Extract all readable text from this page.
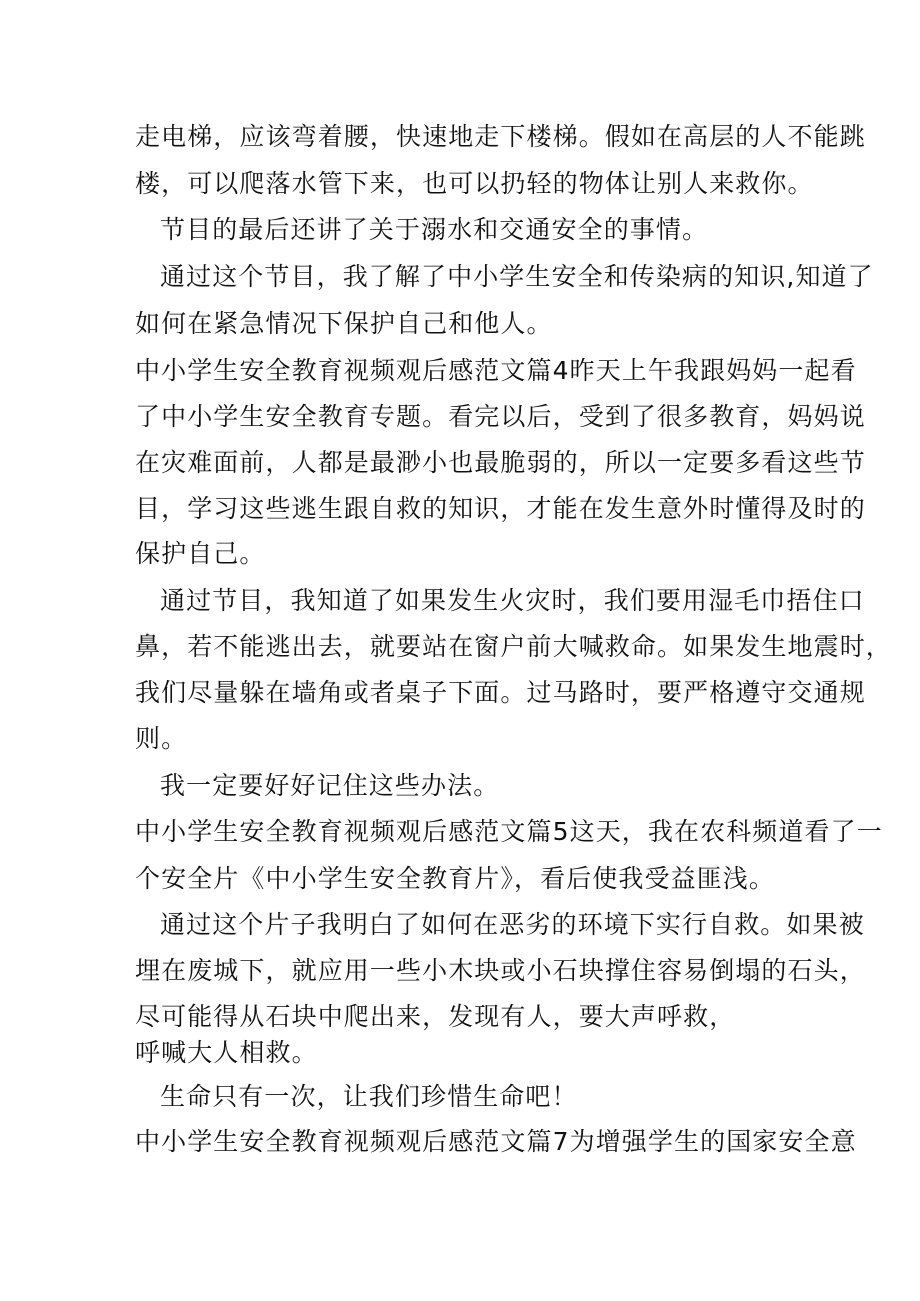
走电梯，应该弯着腰，快速地走下楼梯。假如在高层的人不能跳
楼，可以爬落水管下来，也可以扔轻的物体让别人来救你。
节目的最后还讲了关于溺水和交通安全的事情。
通过这个节目，我了解了中小学生安全和传染病的知识,知道了
如何在紧急情况下保护自己和他人。
中小学生安全教育视频观后感范文篇4昨天上午我跟妈妈一起看
了中小学生安全教育专题。看完以后，受到了很多教育，妈妈说
在灾难面前，人都是最渺小也最脆弱的，所以一定要多看这些节
目，学习这些逃生跟自救的知识，才能在发生意外时懂得及时的
保护自己。
通过节目，我知道了如果发生火灾时，我们要用湿毛巾捂住口
鼻，若不能逃出去，就要站在窗户前大喊救命。如果发生地震时，
我们尽量躲在墙角或者桌子下面。过马路时，要严格遵守交通规
则。
我一定要好好记住这些办法。
中小学生安全教育视频观后感范文篇5这天，我在农科频道看了一
个安全片《中小学生安全教育片》，看后使我受益匪浅。
通过这个片子我明白了如何在恶劣的环境下实行自救。如果被
埋在废城下，就应用一些小木块或小石块撑住容易倒塌的石头，
尽可能得从石块中爬出来，发现有人，要大声呼救，
呼喊大人相救。
生命只有一次，让我们珍惜生命吧！
中小学生安全教育视频观后感范文篇7为增强学生的国家安全意
